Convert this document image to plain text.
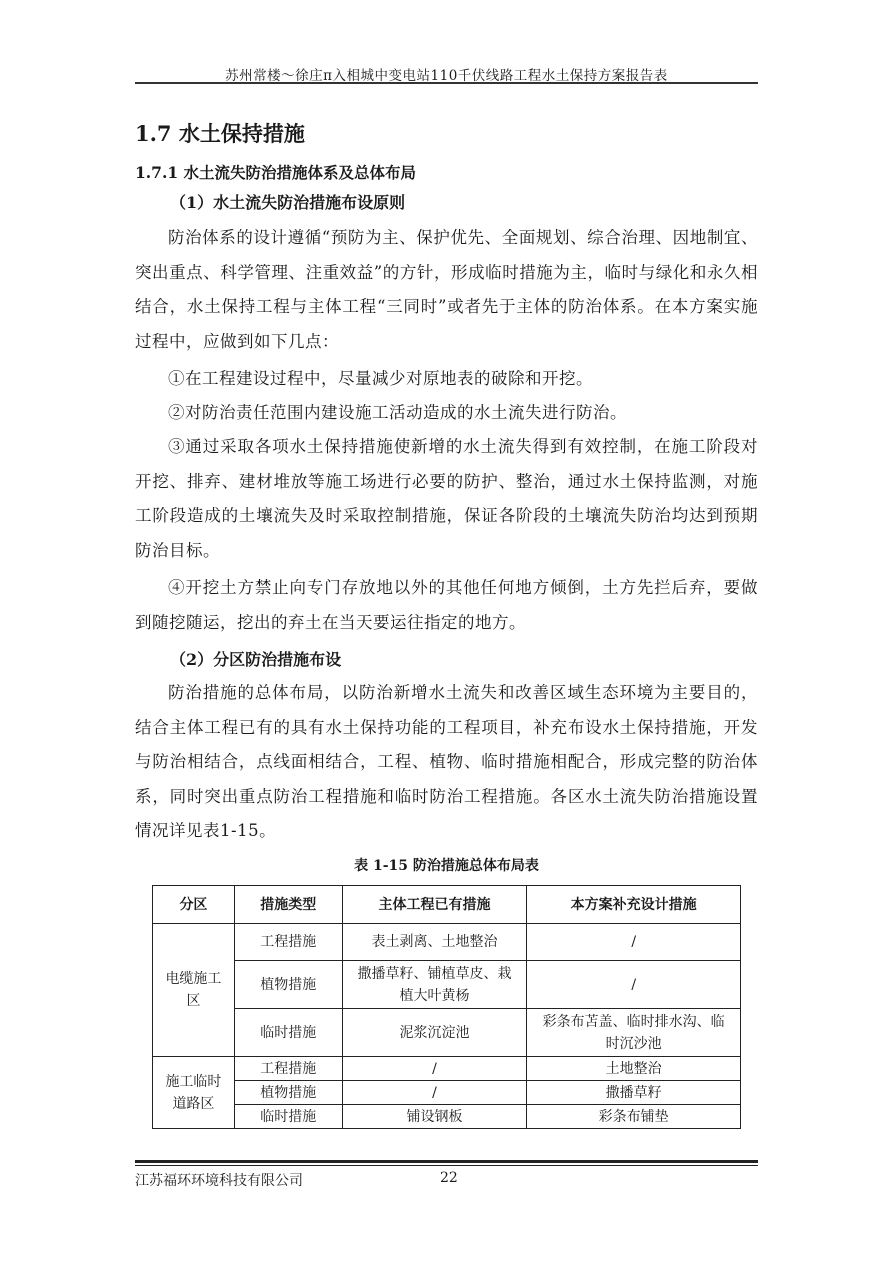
苏州常楼～徐庄π入相城中变电站110千伏线路工程水土保持方案报告表
1.7 水土保持措施
1.7.1 水土流失防治措施体系及总体布局
（1）水土流失防治措施布设原则

防治体系的设计遵循“预防为主、保护优先、全面规划、综合治理、因地制宜、突出重点、科学管理、注重效益”的方针，形成临时措施为主，临时与绿化和永久相结合，水土保持工程与主体工程“三同时”或者先于主体的防治体系。在本方案实施过程中，应做到如下几点：

①在工程建设过程中，尽量减少对原地表的破除和开挖。

②对防治责任范围内建设施工活动造成的水土流失进行防治。

③通过采取各项水土保持措施使新增的水土流失得到有效控制，在施工阶段对开挖、排弃、建材堆放等施工场进行必要的防护、整治，通过水土保持监测，对施工阶段造成的土壤流失及时采取控制措施，保证各阶段的土壤流失防治均达到预期防治目标。

④开挖土方禁止向专门存放地以外的其他任何地方倾倒，土方先拦后弃，要做到随挖随运，挖出的弃土在当天要运往指定的地方。

（2）分区防治措施布设

防治措施的总体布局，以防治新增水土流失和改善区域生态环境为主要目的，结合主体工程已有的具有水土保持功能的工程项目，补充布设水土保持措施，开发与防治相结合，点线面相结合，工程、植物、临时措施相配合，形成完整的防治体系，同时突出重点防治工程措施和临时防治工程措施。各区水土流失防治措施设置情况详见表1-15。

表 1-15 防治措施总体布局表
分区	措施类型	主体工程已有措施	本方案补充设计措施
电缆施工区	工程措施	表土剥离、土地整治	/
	植物措施	撒播草籽、铺植草皮、栽植大叶黄杨	/
	临时措施	泥浆沉淀池	彩条布苫盖、临时排水沟、临时沉沙池
施工临时道路区	工程措施	/	土地整治
	植物措施	/	撒播草籽
	临时措施	铺设钢板	彩条布铺垫
江苏福环环境科技有限公司	22
